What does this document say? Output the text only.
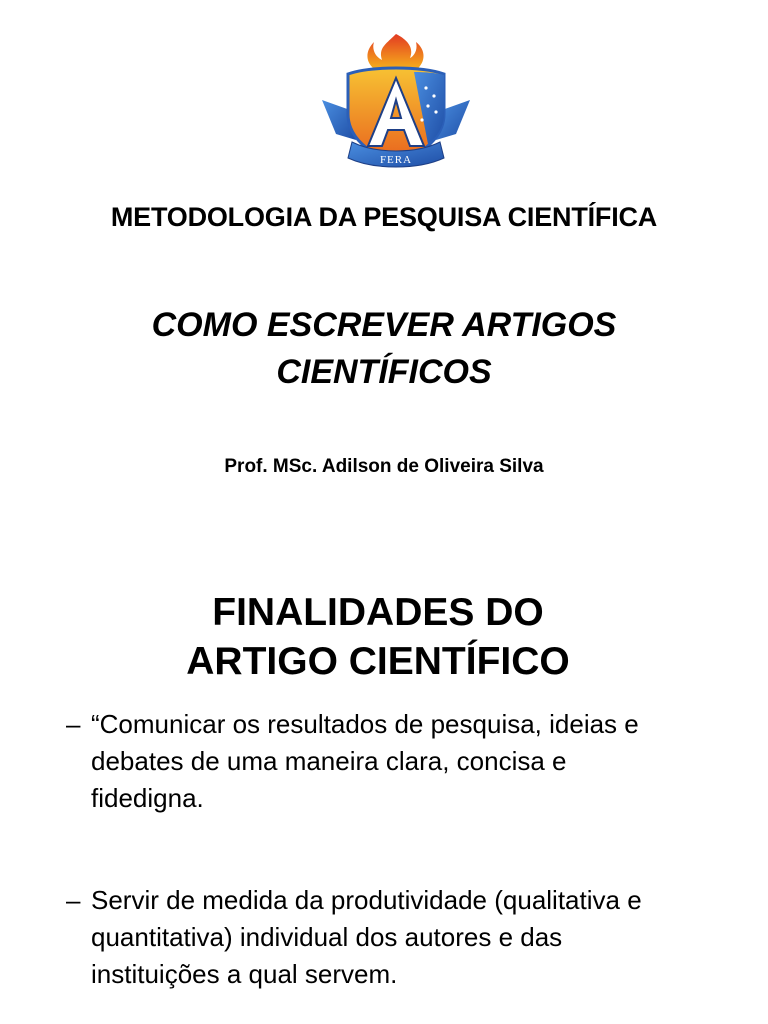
FERA
METODOLOGIA DA PESQUISA CIENTÍFICA
COMO ESCREVER ARTIGOS
CIENTÍFICOS
Prof. MSc. Adilson de Oliveira Silva
FINALIDADES DO
ARTIGO CIENTÍFICO
– “Comunicar os resultados de pesquisa, ideias e
debates de uma maneira clara, concisa e
fidedigna.
– Servir de medida da produtividade (qualitativa e
quantitativa) individual dos autores e das
instituições a qual servem.
